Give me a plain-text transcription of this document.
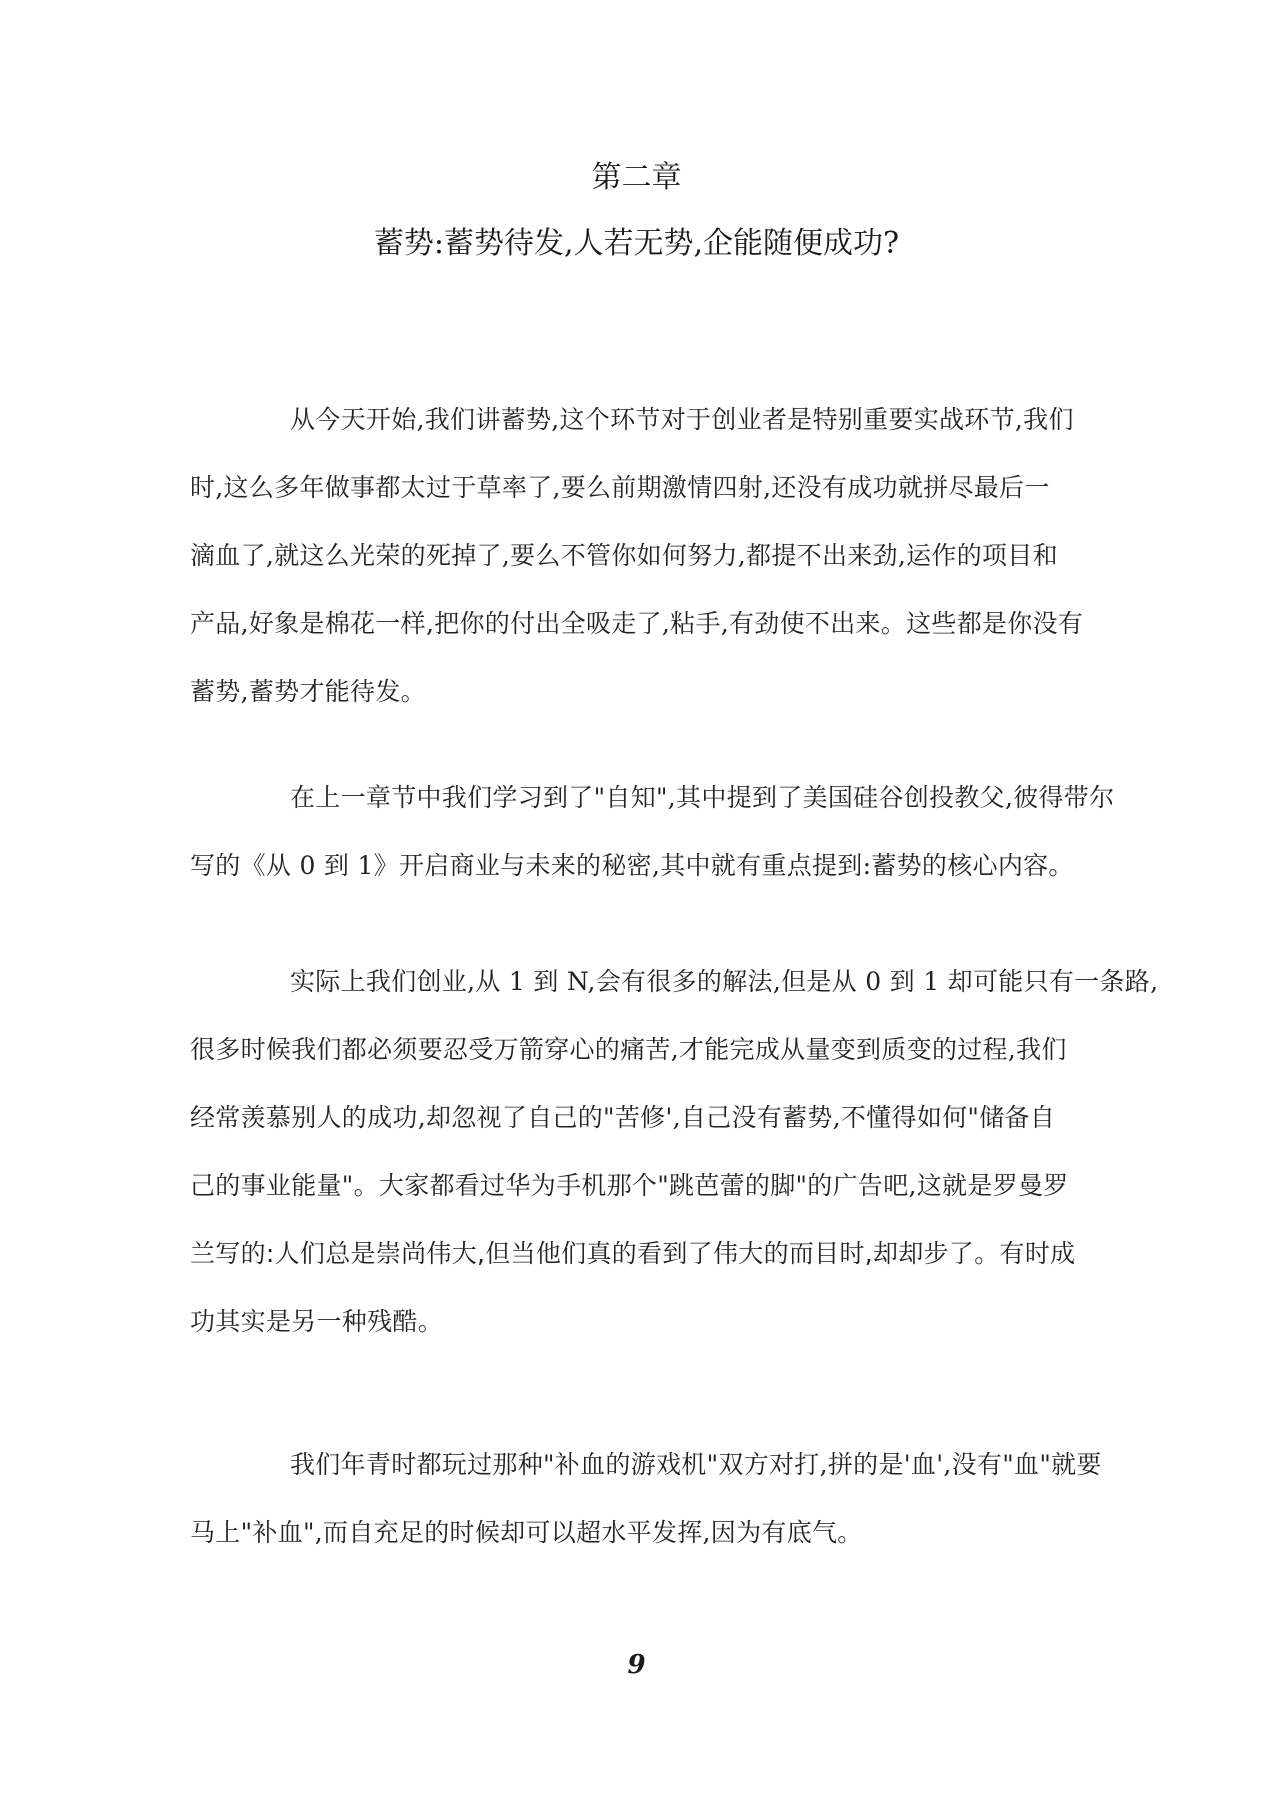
第二章
蓄势:蓄势待发,人若无势,企能随便成功?
从今天开始,我们讲蓄势,这个环节对于创业者是特别重要实战环节,我们
时,这么多年做事都太过于草率了,要么前期激情四射,还没有成功就拼尽最后一
滴血了,就这么光荣的死掉了,要么不管你如何努力,都提不出来劲,运作的项目和
产品,好象是棉花一样,把你的付出全吸走了,粘手,有劲使不出来。这些都是你没有
蓄势,蓄势才能待发。
在上一章节中我们学习到了"自知",其中提到了美国硅谷创投教父,彼得带尔
写的《从 0 到 1》开启商业与未来的秘密,其中就有重点提到:蓄势的核心内容。
实际上我们创业,从 1 到 N,会有很多的解法,但是从 0 到 1 却可能只有一条路,
很多时候我们都必须要忍受万箭穿心的痛苦,才能完成从量变到质变的过程,我们
经常羡慕别人的成功,却忽视了自己的"苦修',自己没有蓄势,不懂得如何"储备自
己的事业能量"。大家都看过华为手机那个"跳芭蕾的脚"的广告吧,这就是罗曼罗
兰写的:人们总是崇尚伟大,但当他们真的看到了伟大的而目时,却却步了。有时成
功其实是另一种残酷。
我们年青时都玩过那种"补血的游戏机"双方对打,拼的是'血',没有"血"就要
马上"补血",而自充足的时候却可以超水平发挥,因为有底气。
9
